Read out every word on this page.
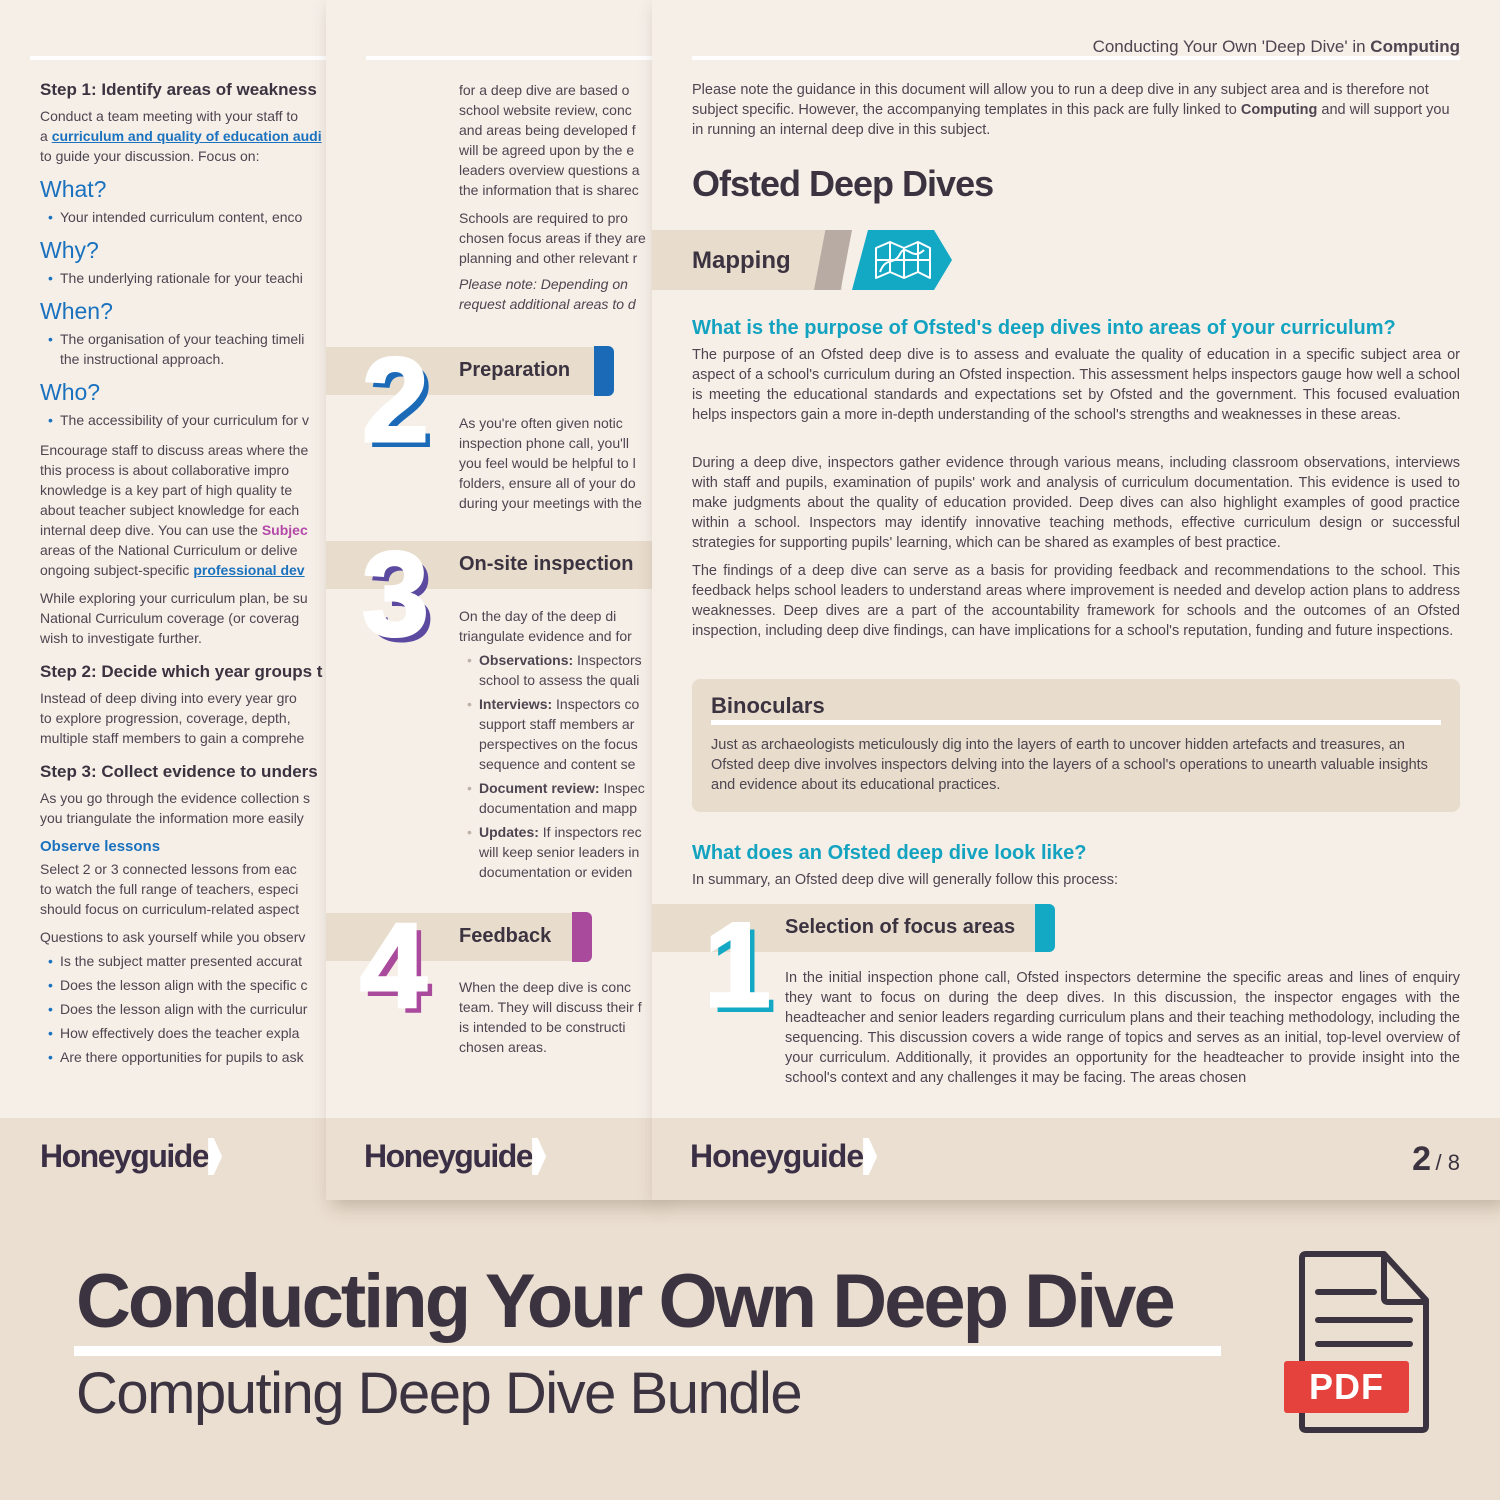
Step 1: Identify areas of weakness
Conduct a team meeting with your staff to
a curriculum and quality of education audi
to guide your discussion. Focus on:
What?
• Your intended curriculum content, enco
Why?
• The underlying rationale for your teachi
When?
• The organisation of your teaching timeli
the instructional approach.
Who?
• The accessibility of your curriculum for v
Encourage staff to discuss areas where the
this process is about collaborative impro
knowledge is a key part of high quality te
about teacher subject knowledge for each
internal deep dive. You can use the Subjec
areas of the National Curriculum or delive
ongoing subject-specific professional dev
While exploring your curriculum plan, be su
National Curriculum coverage (or coverag
wish to investigate further.
Step 2: Decide which year groups t
Instead of deep diving into every year gro
to explore progression, coverage, depth,
multiple staff members to gain a comprehe
Step 3: Collect evidence to unders
As you go through the evidence collection s
you triangulate the information more easily
Observe lessons
Select 2 or 3 connected lessons from eac
to watch the full range of teachers, especi
should focus on curriculum-related aspect
Questions to ask yourself while you observ
• Is the subject matter presented accurat
• Does the lesson align with the specific c
• Does the lesson align with the curriculur
• How effectively does the teacher expla
• Are there opportunities for pupils to ask
Honeyguide
for a deep dive are based o
school website review, conc
and areas being developed f
will be agreed upon by the e
leaders overview questions a
the information that is sharec
Schools are required to pro
chosen focus areas if they are
planning and other relevant r
Please note: Depending on
request additional areas to d
2 Preparation
As you're often given notic
inspection phone call, you'll
you feel would be helpful to l
folders, ensure all of your do
during your meetings with the
3 On-site inspection
On the day of the deep di
triangulate evidence and for
• Observations: Inspectors
school to assess the quali
• Interviews: Inspectors co
support staff members ar
perspectives on the focus
sequence and content se
• Document review: Inspec
documentation and mapp
• Updates: If inspectors rec
will keep senior leaders in
documentation or eviden
4 Feedback
When the deep dive is conc
team. They will discuss their f
is intended to be constructi
chosen areas.
Honeyguide
Conducting Your Own 'Deep Dive' in Computing
Please note the guidance in this document will allow you to run a deep dive in any subject area and is therefore not subject specific. However, the accompanying templates in this pack are fully linked to Computing and will support you in running an internal deep dive in this subject.
Ofsted Deep Dives
Mapping
What is the purpose of Ofsted's deep dives into areas of your curriculum?
The purpose of an Ofsted deep dive is to assess and evaluate the quality of education in a specific subject area or aspect of a school's curriculum during an Ofsted inspection. This assessment helps inspectors gauge how well a school is meeting the educational standards and expectations set by Ofsted and the government. This focused evaluation helps inspectors gain a more in-depth understanding of the school's strengths and weaknesses in these areas.
During a deep dive, inspectors gather evidence through various means, including classroom observations, interviews with staff and pupils, examination of pupils' work and analysis of curriculum documentation. This evidence is used to make judgments about the quality of education provided. Deep dives can also highlight examples of good practice within a school. Inspectors may identify innovative teaching methods, effective curriculum design or successful strategies for supporting pupils' learning, which can be shared as examples of best practice.
The findings of a deep dive can serve as a basis for providing feedback and recommendations to the school. This feedback helps school leaders to understand areas where improvement is needed and develop action plans to address weaknesses. Deep dives are a part of the accountability framework for schools and the outcomes of an Ofsted inspection, including deep dive findings, can have implications for a school's reputation, funding and future inspections.
Binoculars
Just as archaeologists meticulously dig into the layers of earth to uncover hidden artefacts and treasures, an Ofsted deep dive involves inspectors delving into the layers of a school's operations to unearth valuable insights and evidence about its educational practices.
What does an Ofsted deep dive look like?
In summary, an Ofsted deep dive will generally follow this process:
1 Selection of focus areas
In the initial inspection phone call, Ofsted inspectors determine the specific areas and lines of enquiry they want to focus on during the deep dives. In this discussion, the inspector engages with the headteacher and senior leaders regarding curriculum plans and their teaching methodology, including the sequencing. This discussion covers a wide range of topics and serves as an initial, top-level overview of your curriculum. Additionally, it provides an opportunity for the headteacher to provide insight into the school's context and any challenges it may be facing. The areas chosen
Honeyguide	2 / 8
Conducting Your Own Deep Dive
Computing Deep Dive Bundle	PDF
